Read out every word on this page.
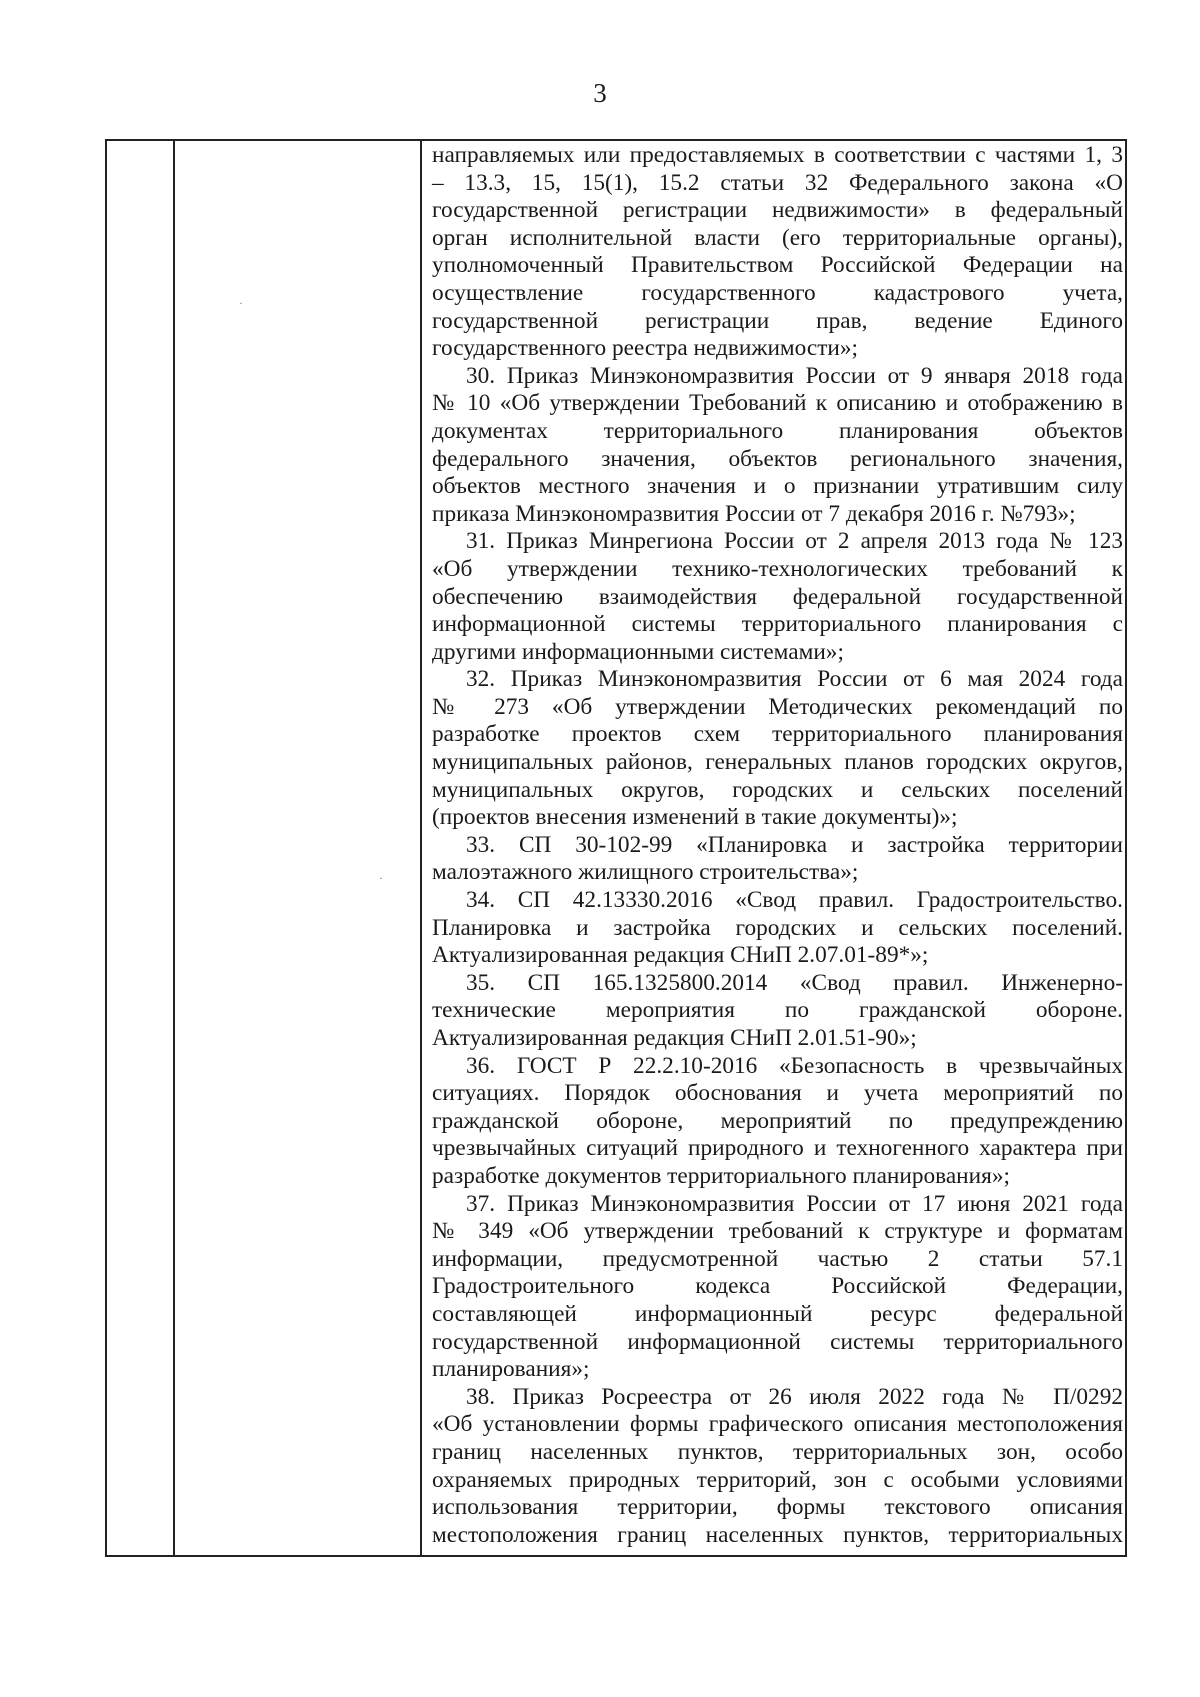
3
направляемых или предоставляемых в соответствии с частями 1, 3
– 13.3, 15, 15(1), 15.2 статьи 32 Федерального закона «О
государственной регистрации недвижимости» в федеральный
орган исполнительной власти (его территориальные органы),
уполномоченный Правительством Российской Федерации на
осуществление государственного кадастрового учета,
государственной регистрации прав, ведение Единого
государственного реестра недвижимости»;
30. Приказ Минэкономразвития России от 9 января 2018 года
№ 10 «Об утверждении Требований к описанию и отображению в
документах территориального планирования объектов
федерального значения, объектов регионального значения,
объектов местного значения и о признании утратившим силу
приказа Минэкономразвития России от 7 декабря 2016 г. №793»;
31. Приказ Минрегиона России от 2 апреля 2013 года № 123
«Об утверждении технико-технологических требований к
обеспечению взаимодействия федеральной государственной
информационной системы территориального планирования с
другими информационными системами»;
32. Приказ Минэкономразвития России от 6 мая 2024 года
№ 273 «Об утверждении Методических рекомендаций по
разработке проектов схем территориального планирования
муниципальных районов, генеральных планов городских округов,
муниципальных округов, городских и сельских поселений
(проектов внесения изменений в такие документы)»;
33. СП 30-102-99 «Планировка и застройка территории
малоэтажного жилищного строительства»;
34. СП 42.13330.2016 «Свод правил. Градостроительство.
Планировка и застройка городских и сельских поселений.
Актуализированная редакция СНиП 2.07.01-89*»;
35. СП 165.1325800.2014 «Свод правил. Инженерно-
технические мероприятия по гражданской обороне.
Актуализированная редакция СНиП 2.01.51-90»;
36. ГОСТ Р 22.2.10-2016 «Безопасность в чрезвычайных
ситуациях. Порядок обоснования и учета мероприятий по
гражданской обороне, мероприятий по предупреждению
чрезвычайных ситуаций природного и техногенного характера при
разработке документов территориального планирования»;
37. Приказ Минэкономразвития России от 17 июня 2021 года
№ 349 «Об утверждении требований к структуре и форматам
информации, предусмотренной частью 2 статьи 57.1
Градостроительного кодекса Российской Федерации,
составляющей информационный ресурс федеральной
государственной информационной системы территориального
планирования»;
38. Приказ Росреестра от 26 июля 2022 года № П/0292
«Об установлении формы графического описания местоположения
границ населенных пунктов, территориальных зон, особо
охраняемых природных территорий, зон с особыми условиями
использования территории, формы текстового описания
местоположения границ населенных пунктов, территориальных
·
·
